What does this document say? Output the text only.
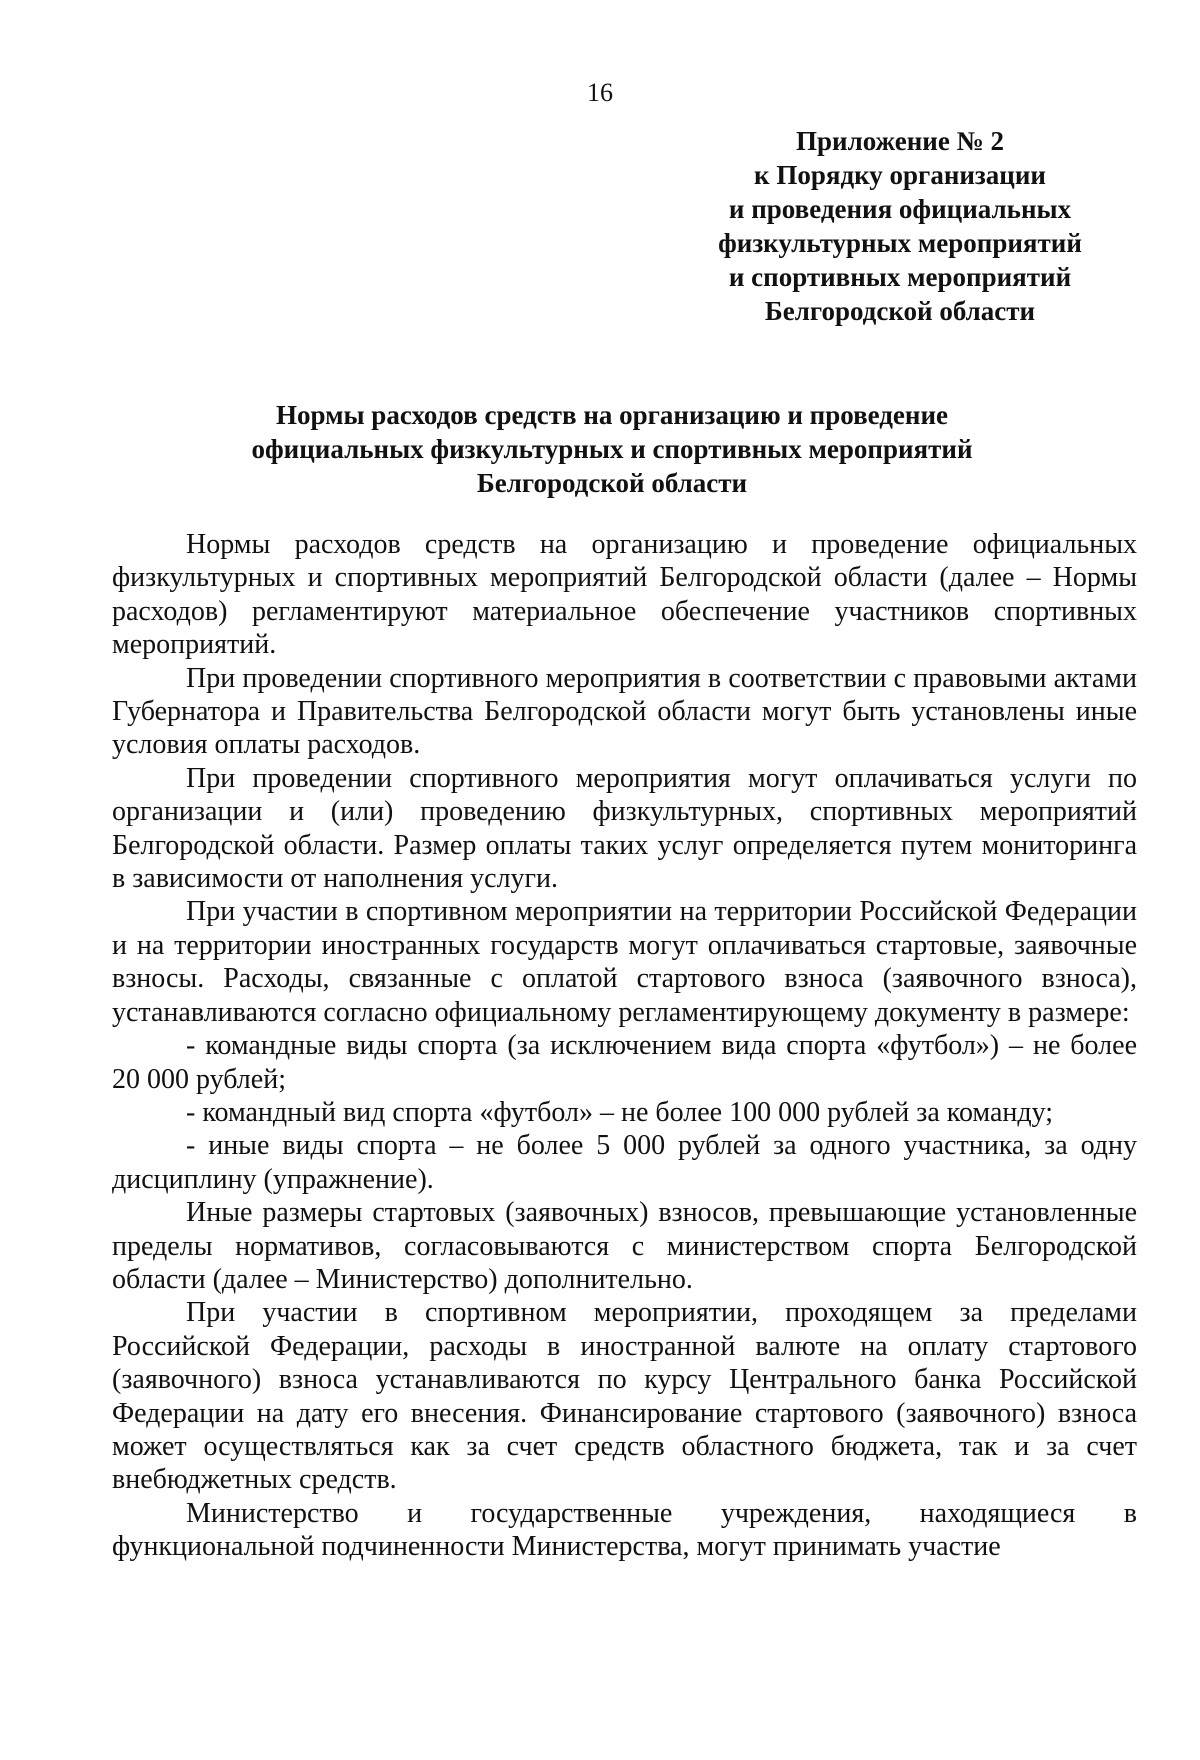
16
Приложение № 2
к Порядку организации
и проведения официальных
физкультурных мероприятий
и спортивных мероприятий
Белгородской области
Нормы расходов средств на организацию и проведение
официальных физкультурных и спортивных мероприятий
Белгородской области

Нормы расходов средств на организацию и проведение официальных физкультурных и спортивных мероприятий Белгородской области (далее – Нормы расходов) регламентируют материальное обеспечение участников спортивных мероприятий.

При проведении спортивного мероприятия в соответствии с правовыми актами Губернатора и Правительства Белгородской области могут быть установлены иные условия оплаты расходов.

При проведении спортивного мероприятия могут оплачиваться услуги по организации и (или) проведению физкультурных, спортивных мероприятий Белгородской области. Размер оплаты таких услуг определяется путем мониторинга в зависимости от наполнения услуги.

При участии в спортивном мероприятии на территории Российской Федерации и на территории иностранных государств могут оплачиваться стартовые, заявочные взносы. Расходы, связанные с оплатой стартового взноса (заявочного взноса), устанавливаются согласно официальному регламентирующему документу в размере:

- командные виды спорта (за исключением вида спорта «футбол») – не более 20 000 рублей;

- командный вид спорта «футбол» – не более 100 000 рублей за команду;

- иные виды спорта – не более 5 000 рублей за одного участника, за одну дисциплину (упражнение).

Иные размеры стартовых (заявочных) взносов, превышающие установленные пределы нормативов, согласовываются с министерством спорта Белгородской области (далее – Министерство) дополнительно.

При участии в спортивном мероприятии, проходящем за пределами Российской Федерации, расходы в иностранной валюте на оплату стартового (заявочного) взноса устанавливаются по курсу Центрального банка Российской Федерации на дату его внесения. Финансирование стартового (заявочного) взноса может осуществляться как за счет средств областного бюджета, так и за счет внебюджетных средств.

Министерство и государственные учреждения, находящиеся в функциональной подчиненности Министерства, могут принимать участие
